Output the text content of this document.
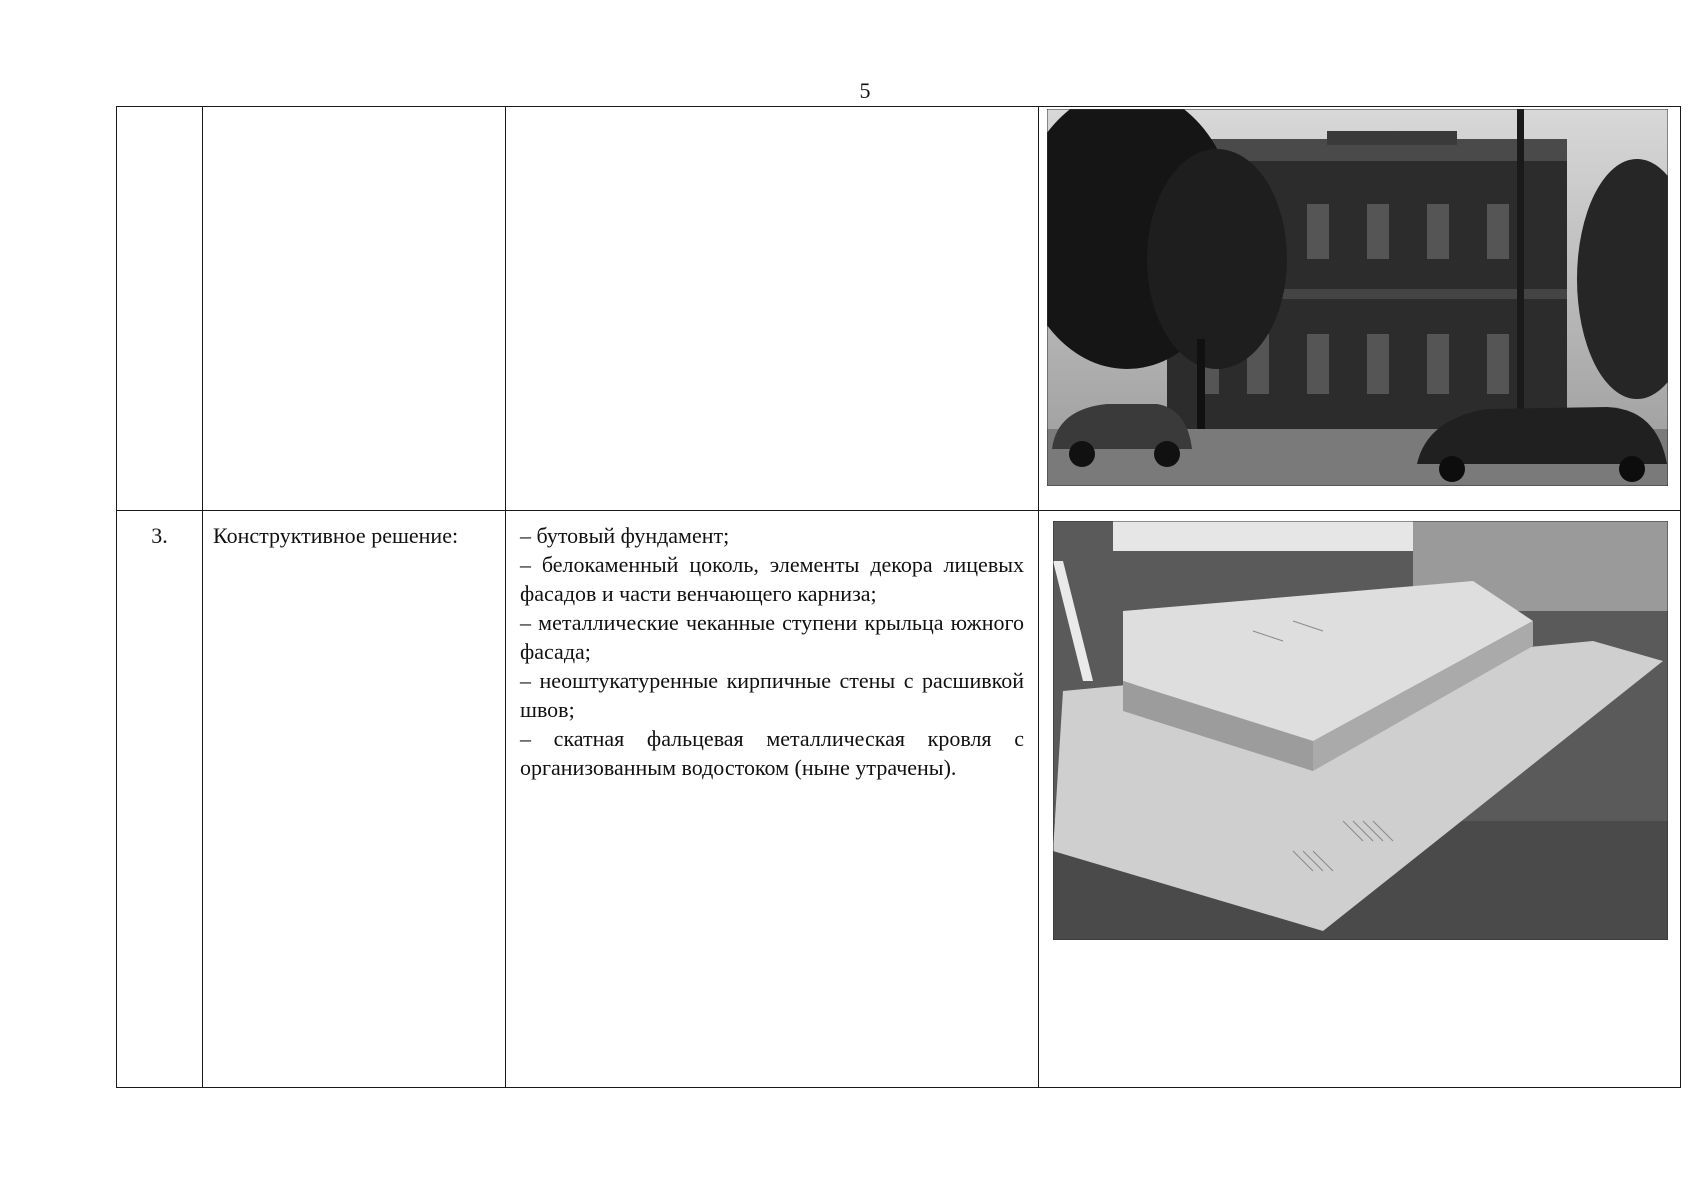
5

3.	Конструктивное решение:	– бутовый фундамент;

– белокаменный цоколь, элементы декора лицевых фасадов и части венчающего карниза;

– металлические чеканные ступени крыльца южного фасада;

– неоштукатуренные кирпичные стены с расшивкой швов;

– скатная фальцевая металлическая кровля с организованным водостоком (ныне утрачены).
